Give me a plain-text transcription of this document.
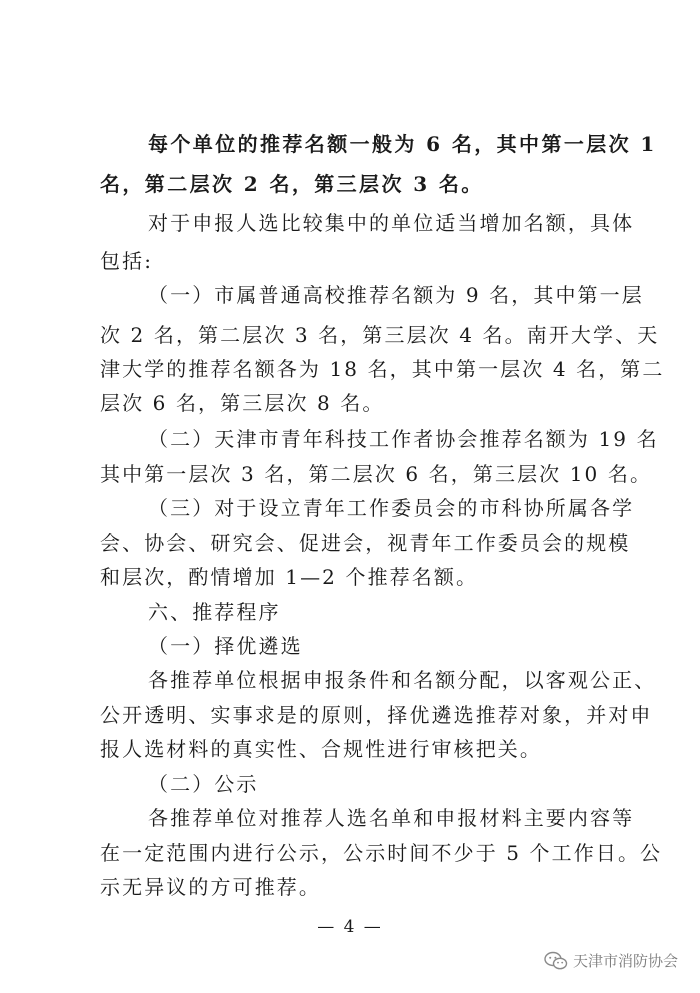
每个单位的推荐名额一般为 6 名，其中第一层次 1
名，第二层次 2 名，第三层次 3 名。
对于申报人选比较集中的单位适当增加名额，具体
包括:
（一）市属普通高校推荐名额为 9 名，其中第一层
次 2 名，第二层次 3 名，第三层次 4 名。南开大学、天
津大学的推荐名额各为 18 名，其中第一层次 4 名，第二
层次 6 名，第三层次 8 名。
（二）天津市青年科技工作者协会推荐名额为 19 名
其中第一层次 3 名，第二层次 6 名，第三层次 10 名。
（三）对于设立青年工作委员会的市科协所属各学
会、协会、研究会、促进会，视青年工作委员会的规模
和层次，酌情增加 1—2 个推荐名额。
六、推荐程序
（一）择优遴选
各推荐单位根据申报条件和名额分配，以客观公正、
公开透明、实事求是的原则，择优遴选推荐对象，并对申
报人选材料的真实性、合规性进行审核把关。
（二）公示
各推荐单位对推荐人选名单和申报材料主要内容等
在一定范围内进行公示，公示时间不少于 5 个工作日。公
示无异议的方可推荐。
— 4 —
天津市消防协会
